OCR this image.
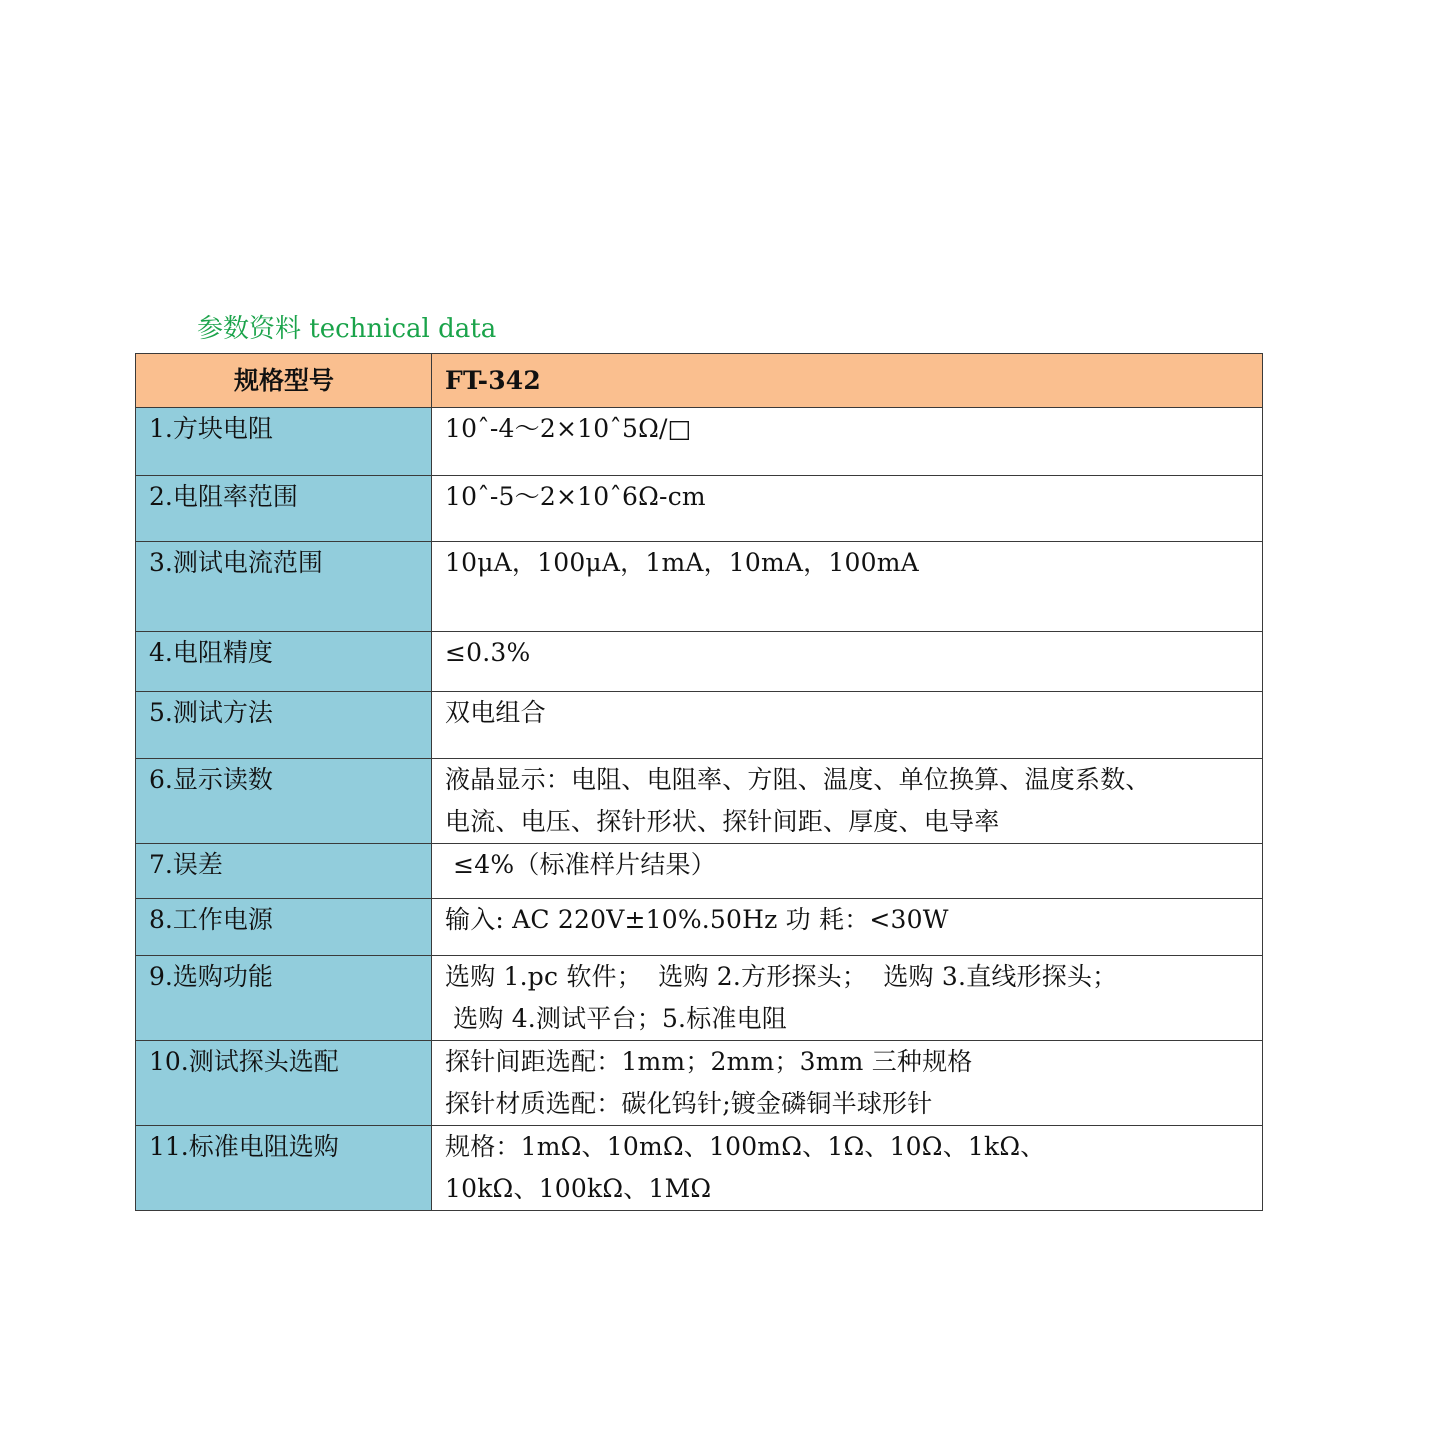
参数资料 technical data
规格型号	FT-342
1.方块电阻	10ˆ-4～2×10ˆ5Ω/□

2.电阻率范围	10ˆ-5～2×10ˆ6Ω-cm

3.测试电流范围	10μA，100μA，1mA，10mA，100mA

4.电阻精度	≤0.3%

5.测试方法	双电组合

6.显示读数	液晶显示：电阻、电阻率、方阻、温度、单位换算、温度系数、
电流、电压、探针形状、探针间距、厚度、电导率

7.误差	≤4%（标准样片结果）

8.工作电源	输入: AC 220V±10%.50Hz 功 耗：<30W

9.选购功能	选购 1.pc 软件；  选购 2.方形探头；  选购 3.直线形探头；
选购 4.测试平台；5.标准电阻

10.测试探头选配	探针间距选配：1mm；2mm；3mm 三种规格
探针材质选配：碳化钨针;镀金磷铜半球形针

11.标准电阻选购	规格：1mΩ、10mΩ、100mΩ、1Ω、10Ω、1kΩ、
10kΩ、100kΩ、1MΩ
